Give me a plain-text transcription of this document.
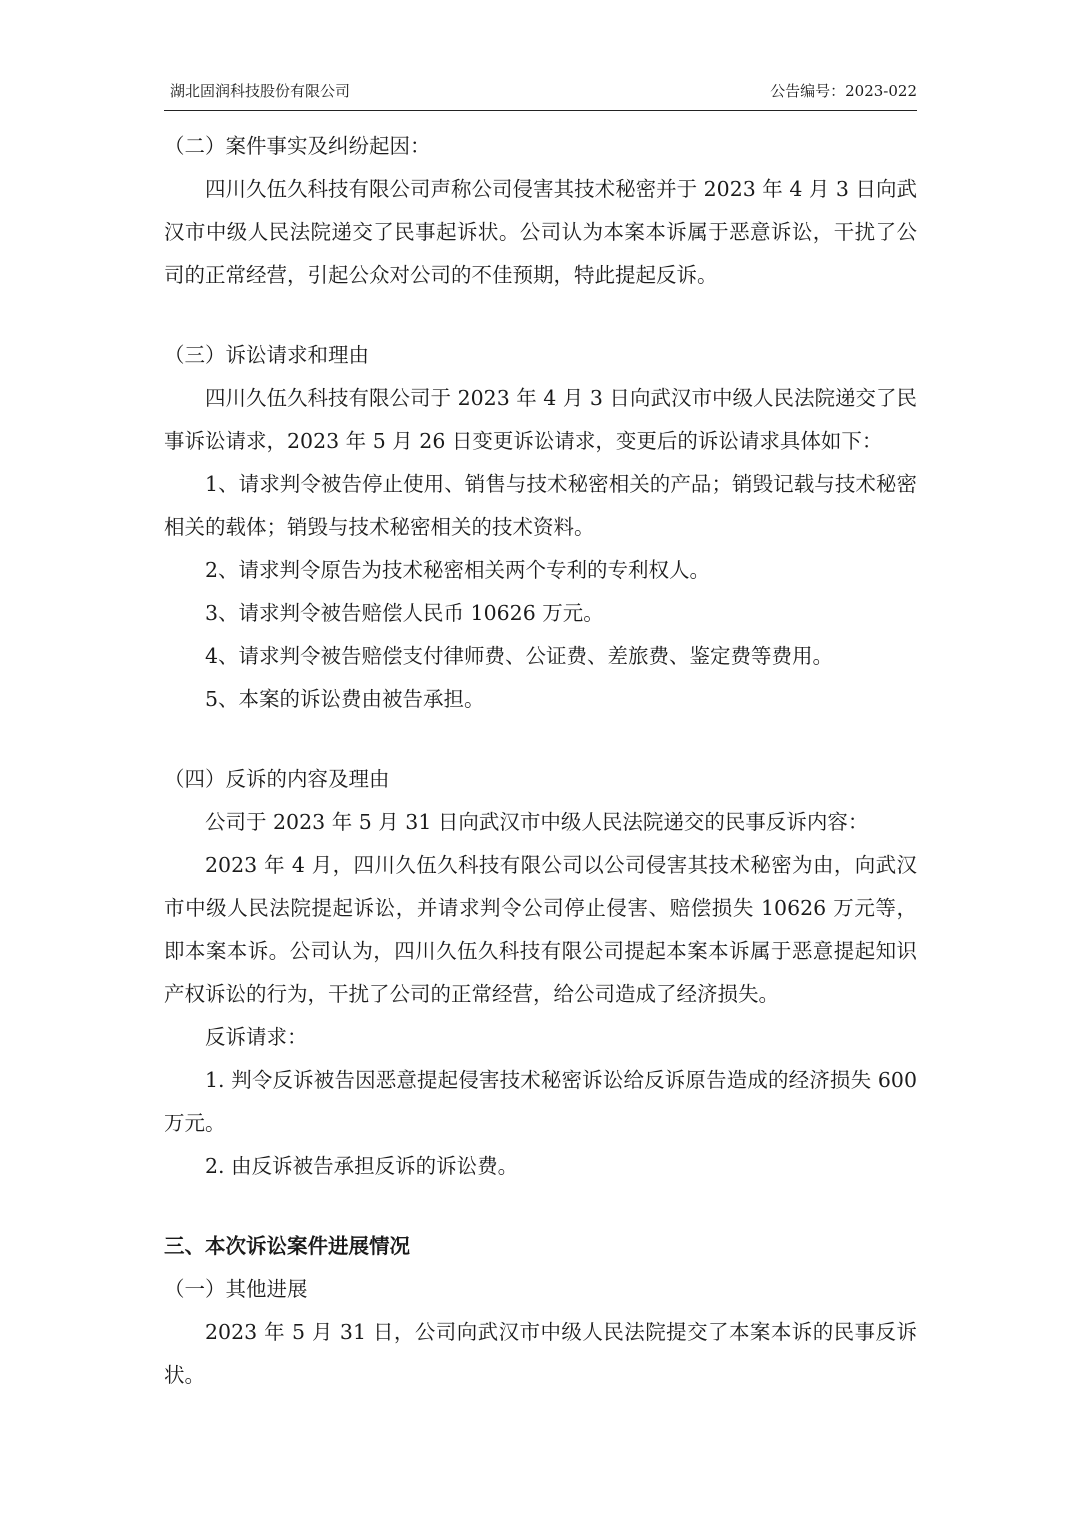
湖北固润科技股份有限公司	公告编号：2023-022

（二）案件事实及纠纷起因：

四川久伍久科技有限公司声称公司侵害其技术秘密并于 2023 年 4 月 3 日向武汉市中级人民法院递交了民事起诉状。公司认为本案本诉属于恶意诉讼，干扰了公司的正常经营，引起公众对公司的不佳预期，特此提起反诉。

（三）诉讼请求和理由

四川久伍久科技有限公司于 2023 年 4 月 3 日向武汉市中级人民法院递交了民事诉讼请求，2023 年 5 月 26 日变更诉讼请求，变更后的诉讼请求具体如下：

1、请求判令被告停止使用、销售与技术秘密相关的产品；销毁记载与技术秘密相关的载体；销毁与技术秘密相关的技术资料。

2、请求判令原告为技术秘密相关两个专利的专利权人。

3、请求判令被告赔偿人民币 10626 万元。

4、请求判令被告赔偿支付律师费、公证费、差旅费、鉴定费等费用。

5、本案的诉讼费由被告承担。

（四）反诉的内容及理由

公司于 2023 年 5 月 31 日向武汉市中级人民法院递交的民事反诉内容：

2023 年 4 月，四川久伍久科技有限公司以公司侵害其技术秘密为由，向武汉市中级人民法院提起诉讼，并请求判令公司停止侵害、赔偿损失 10626 万元等，即本案本诉。公司认为，四川久伍久科技有限公司提起本案本诉属于恶意提起知识产权诉讼的行为，干扰了公司的正常经营，给公司造成了经济损失。

反诉请求：

1. 判令反诉被告因恶意提起侵害技术秘密诉讼给反诉原告造成的经济损失 600 万元。

2. 由反诉被告承担反诉的诉讼费。

三、本次诉讼案件进展情况

（一）其他进展

2023 年 5 月 31 日，公司向武汉市中级人民法院提交了本案本诉的民事反诉状。
